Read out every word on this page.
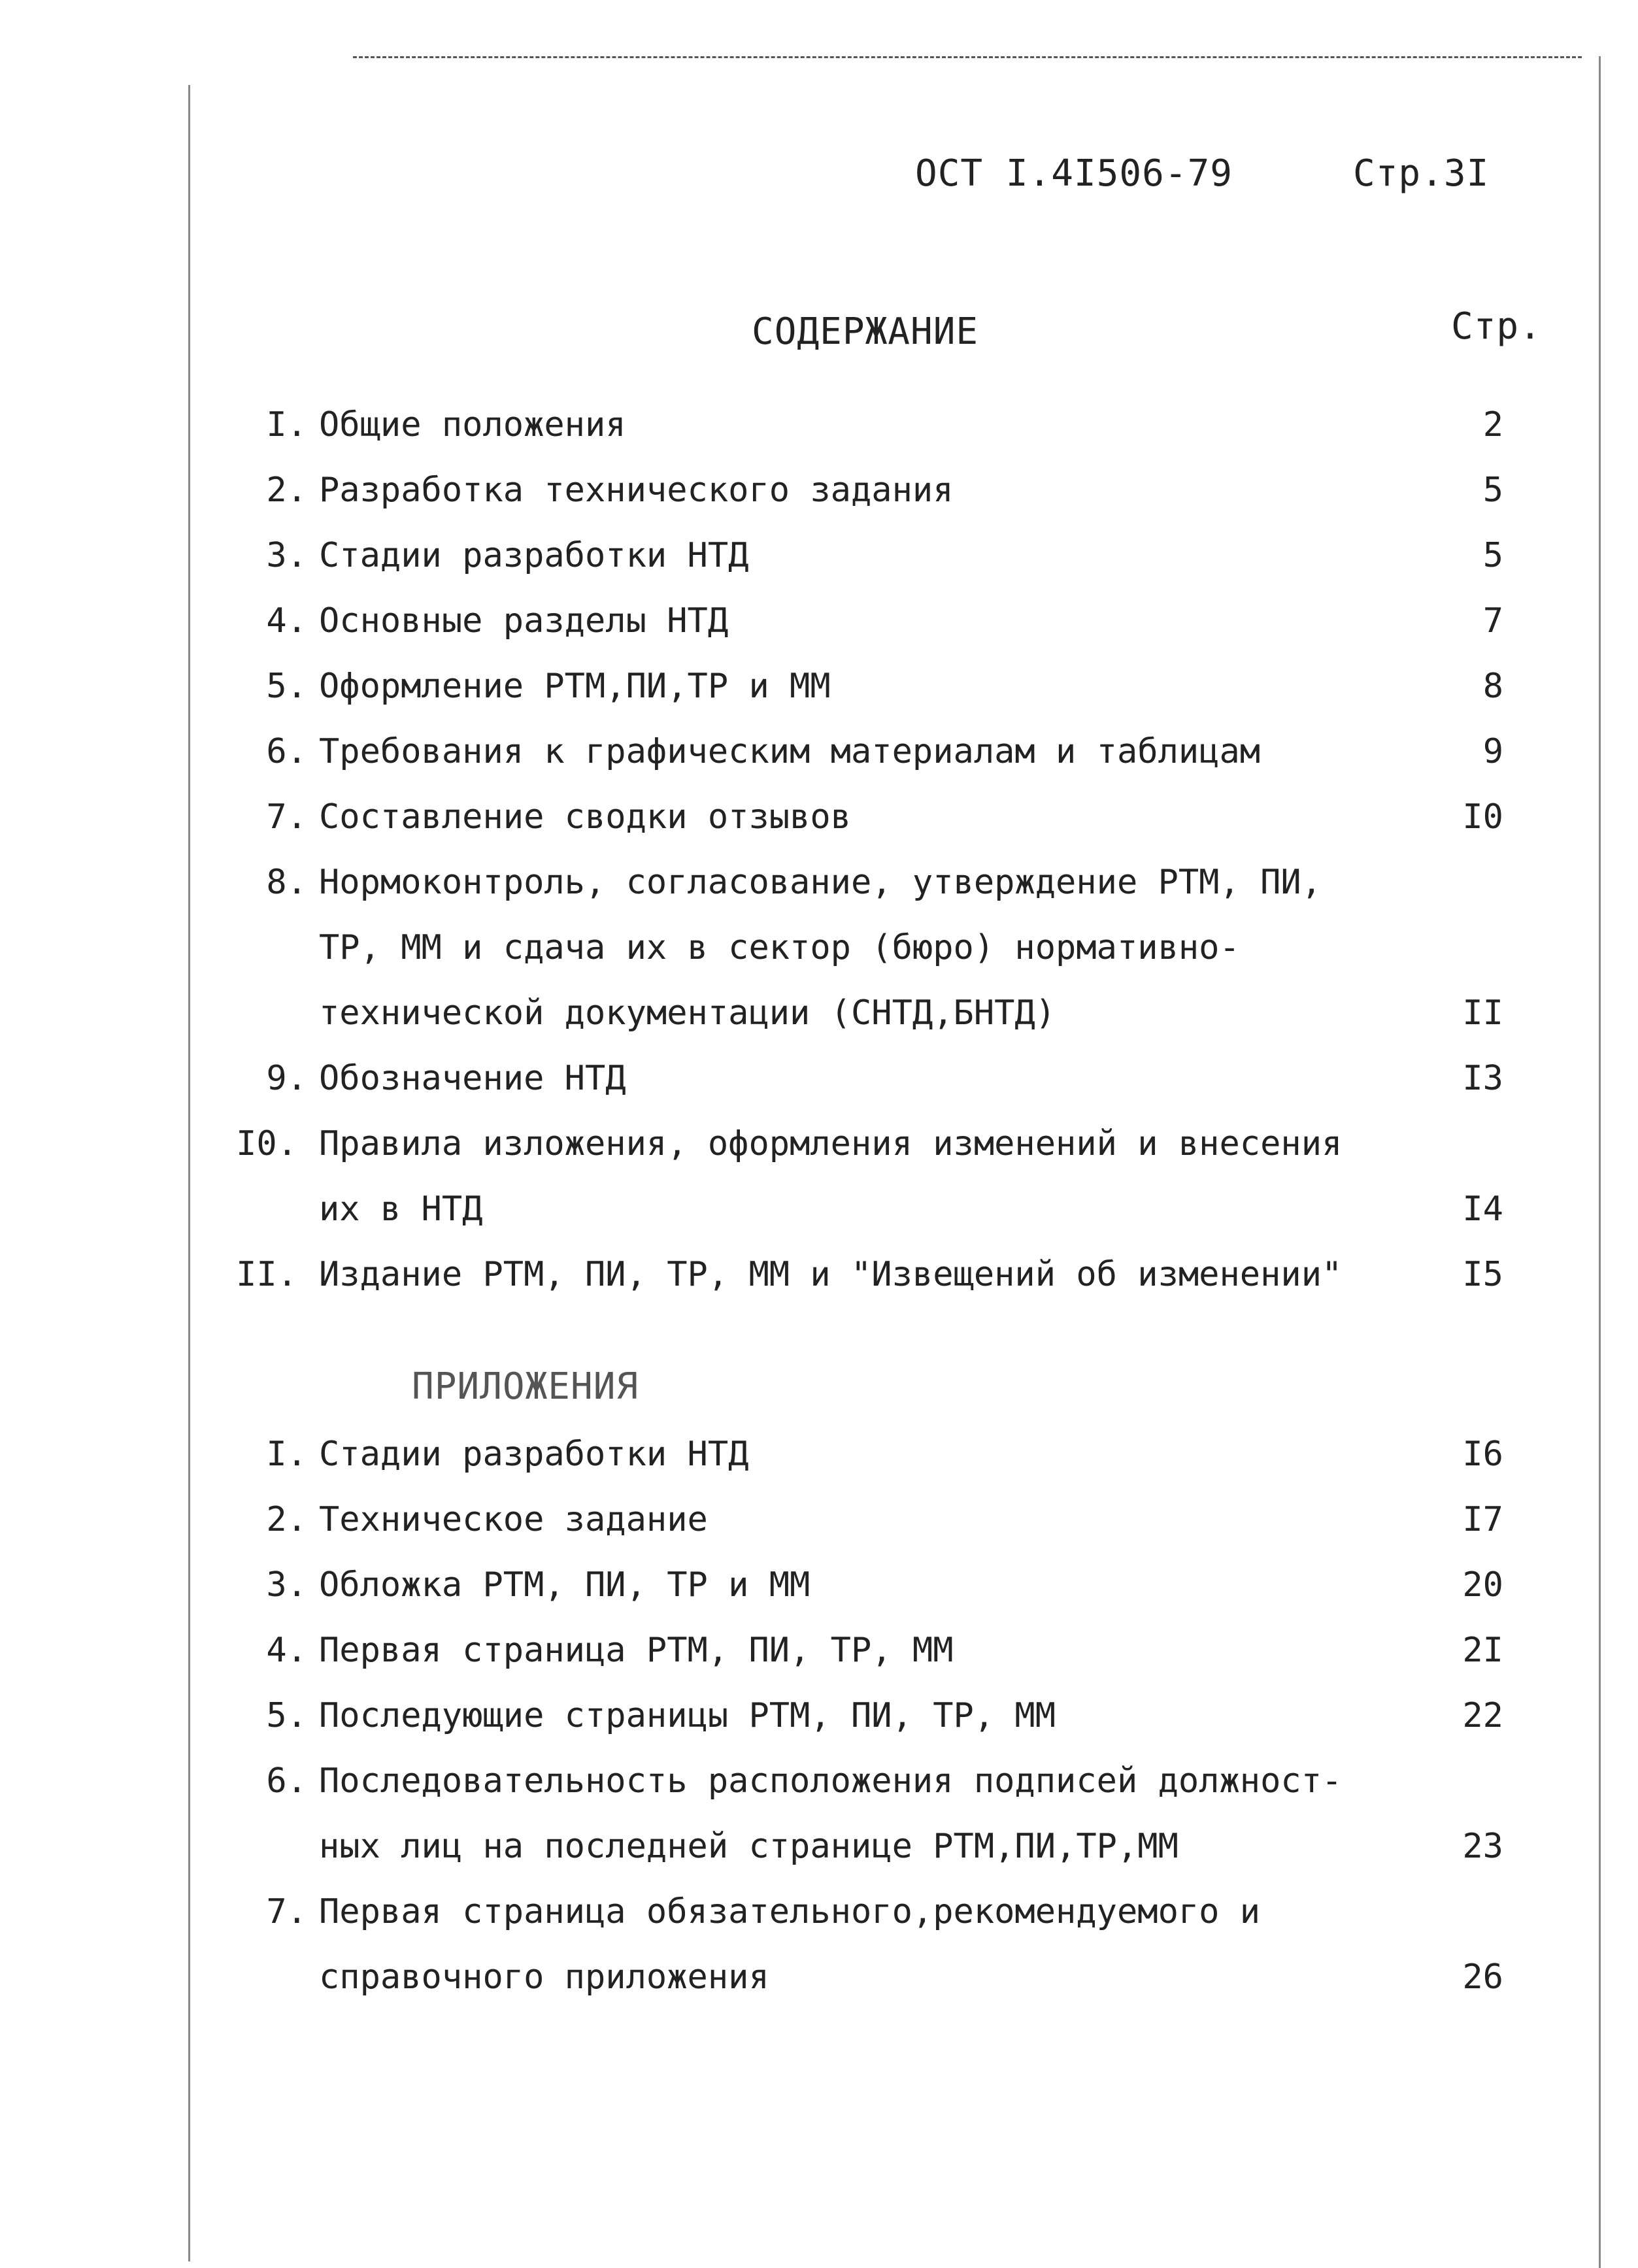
ОСТ I.4I506-79	Стр.3I
СОДЕРЖАНИЕ	Стр.
I. Общие положения	2
2. Разработка технического задания	5
3. Стадии разработки НТД	5
4. Основные разделы НТД	7
5. Оформление РТМ,ПИ,ТР и ММ	8
6. Требования к графическим материалам и таблицам	9
7. Составление сводки отзывов	I0
8. Нормоконтроль, согласование, утверждение РТМ, ПИ,
ТР, ММ и сдача их в сектор (бюро) нормативно-
технической документации (СНТД,БНТД)	II
9. Обозначение НТД	I3
I0. Правила изложения, оформления изменений и внесения
их в НТД	I4
II. Издание РТМ, ПИ, ТР, ММ и "Извещений об изменении"	I5
ПРИЛОЖЕНИЯ
I. Стадии разработки НТД	I6
2. Техническое задание	I7
3. Обложка РТМ, ПИ, ТР и ММ	20
4. Первая страница РТМ, ПИ, ТР, ММ	2I
5. Последующие страницы РТМ, ПИ, ТР, ММ	22
6. Последовательность расположения подписей должност-
ных лиц на последней странице РТМ,ПИ,ТР,ММ	23
7. Первая страница обязательного,рекомендуемого и
справочного приложения	26
